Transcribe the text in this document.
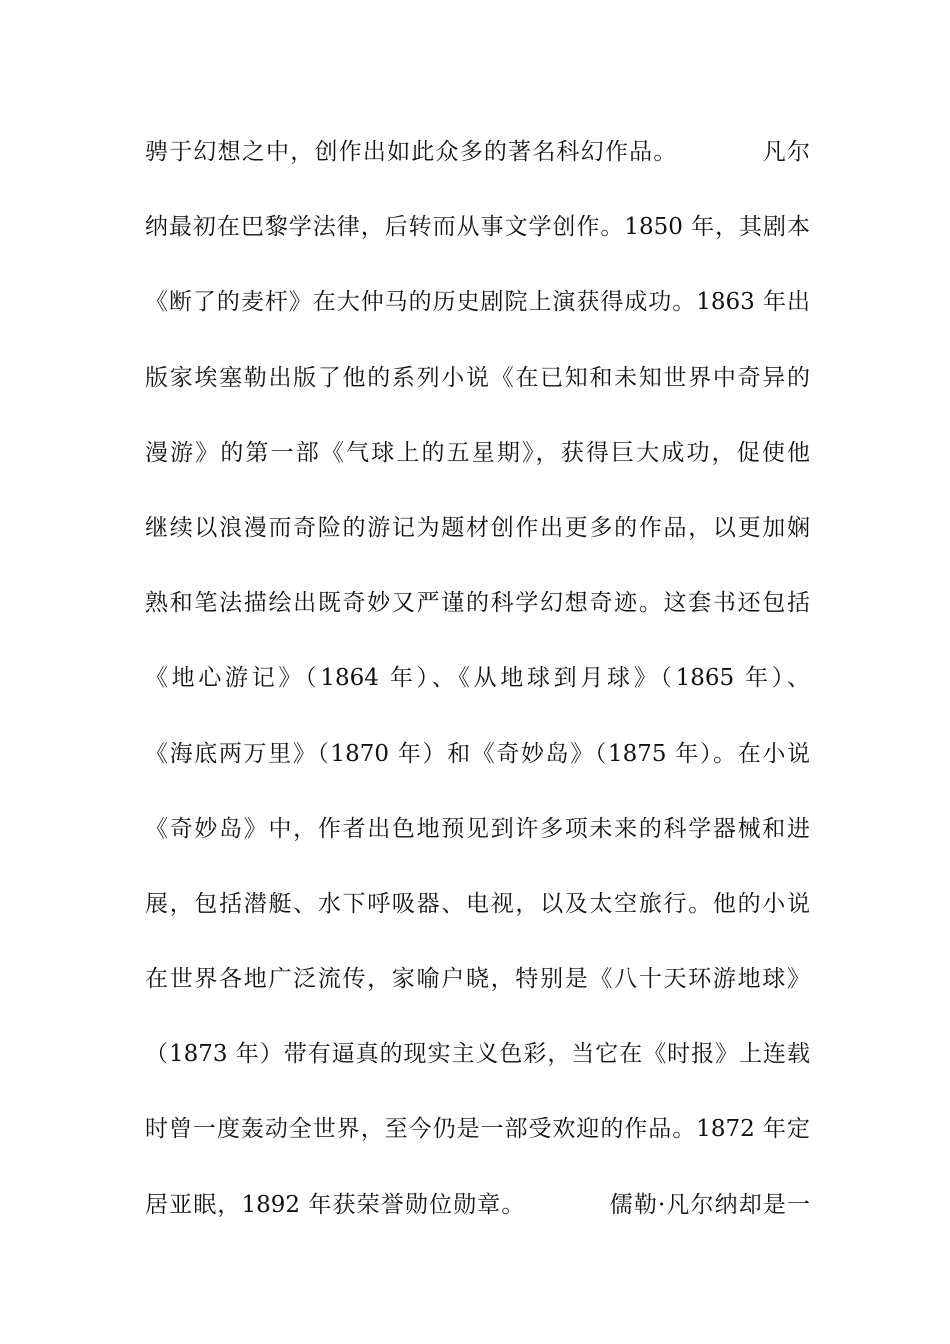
骋于幻想之中，创作出如此众多的著名科幻作品。          凡尔
纳最初在巴黎学法律，后转而从事文学创作。1850 年，其剧本
《断了的麦杆》在大仲马的历史剧院上演获得成功。1863 年出
版家埃塞勒出版了他的系列小说《在已知和未知世界中奇异的
漫游》的第一部《气球上的五星期》，获得巨大成功，促使他
继续以浪漫而奇险的游记为题材创作出更多的作品，以更加娴
熟和笔法描绘出既奇妙又严谨的科学幻想奇迹。这套书还包括
《地心游记》（1864 年）、《从地球到月球》（1865 年）、
《海底两万里》（1870 年）和《奇妙岛》（1875 年）。在小说
《奇妙岛》中，作者出色地预见到许多项未来的科学器械和进
展，包括潜艇、水下呼吸器、电视，以及太空旅行。他的小说
在世界各地广泛流传，家喻户晓，特别是《八十天环游地球》
（1873 年）带有逼真的现实主义色彩，当它在《时报》上连载
时曾一度轰动全世界，至今仍是一部受欢迎的作品。1872 年定
居亚眠，1892 年获荣誉勋位勋章。          儒勒·凡尔纳却是一
